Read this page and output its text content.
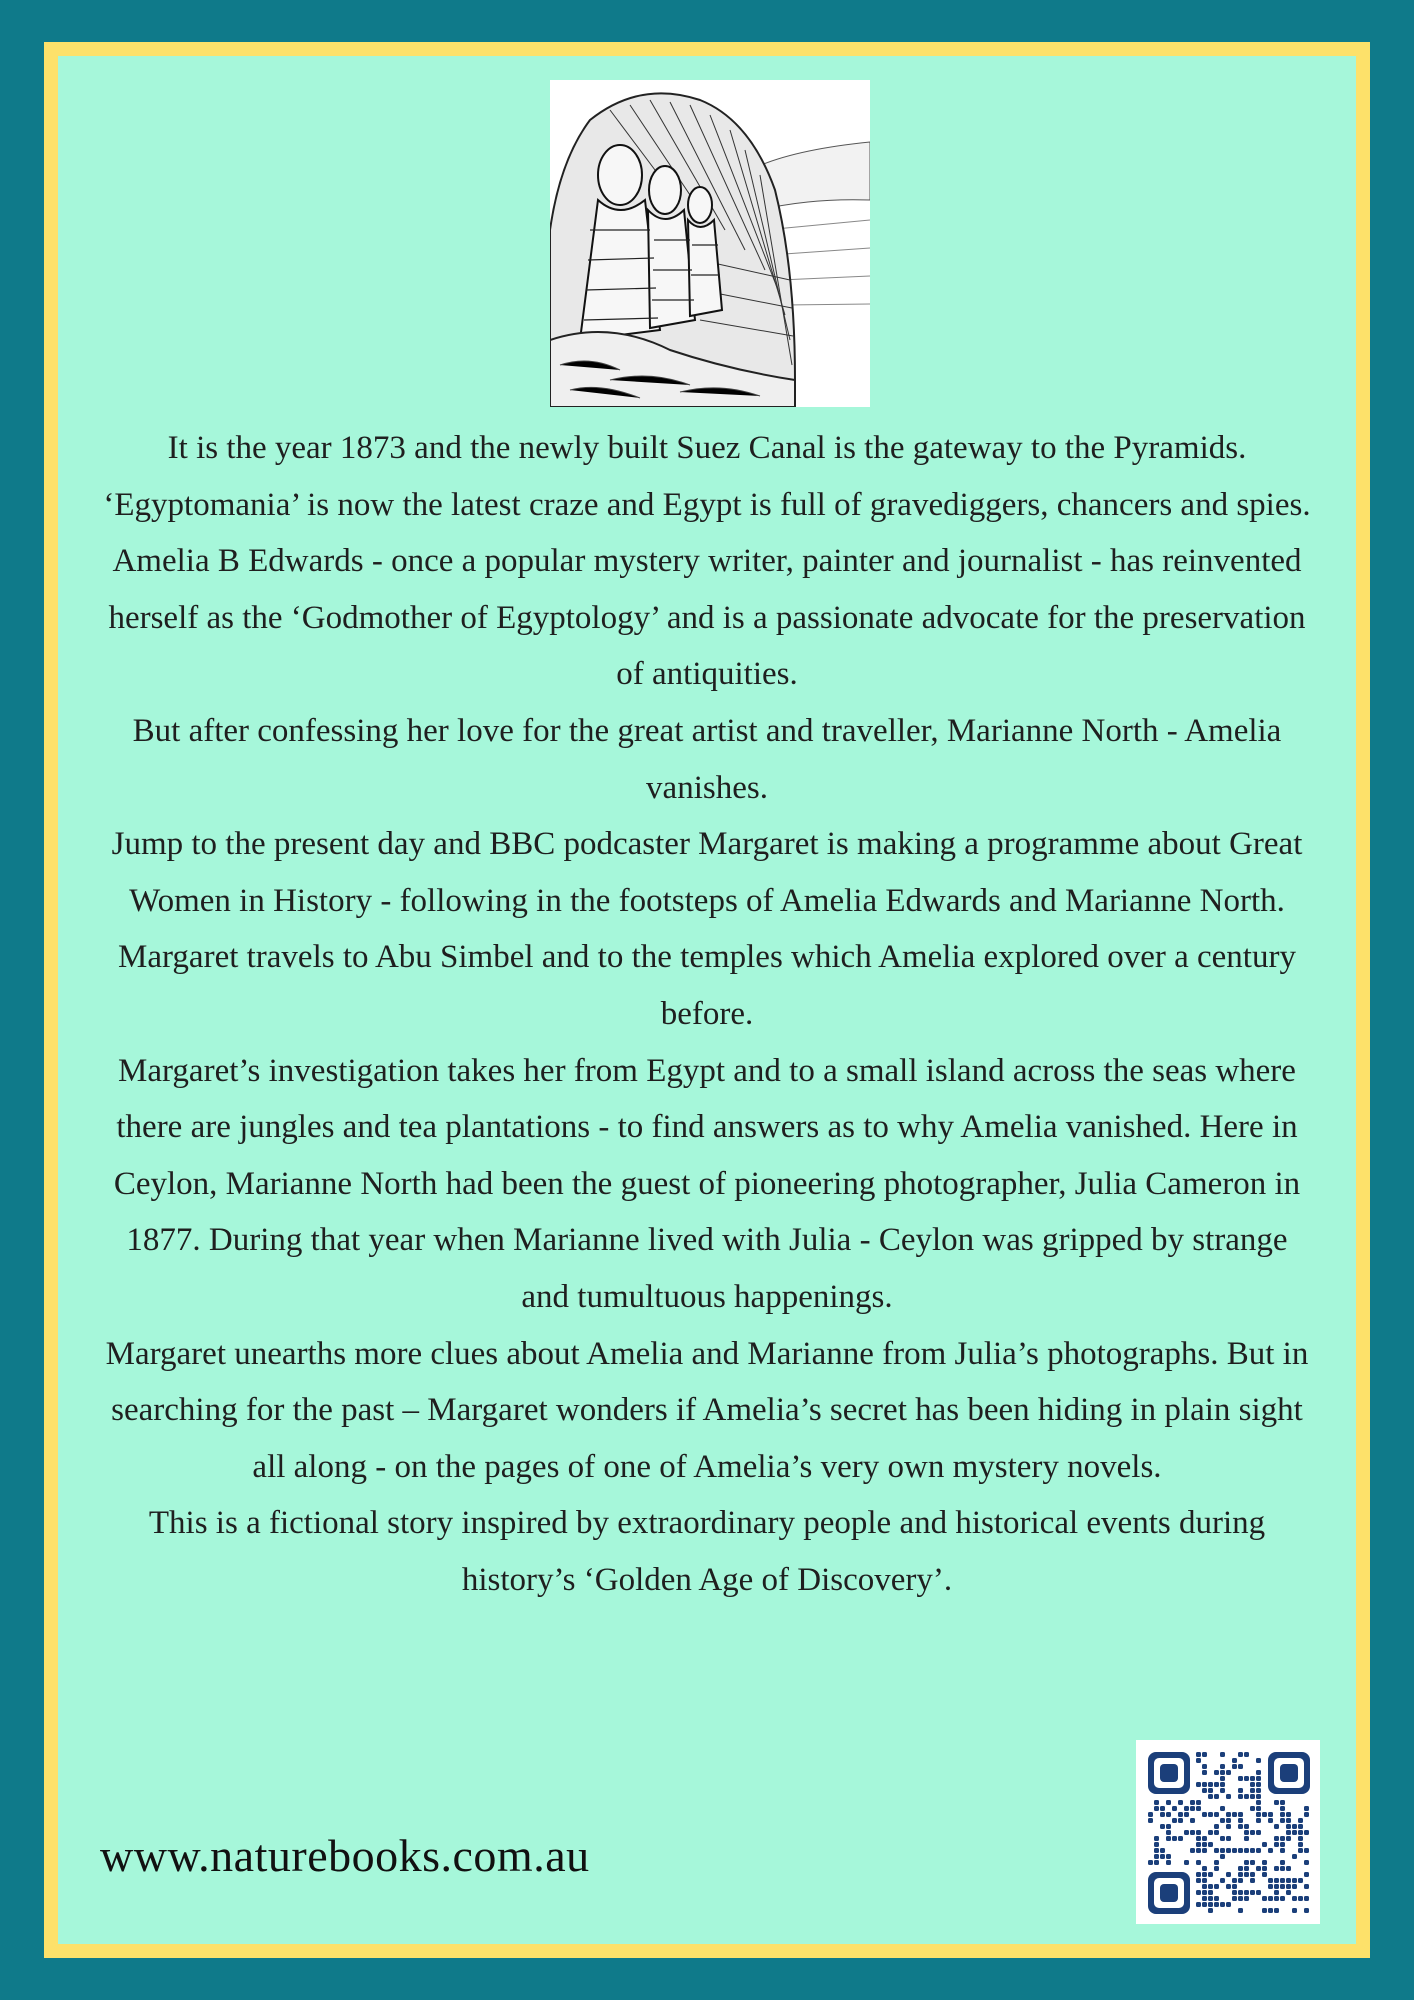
It is the year 1873 and the newly built Suez Canal is the gateway to the Pyramids. ‘Egyptomania’ is now the latest craze and Egypt is full of gravediggers, chancers and spies.

Amelia B Edwards - once a popular mystery writer, painter and journalist - has reinvented herself as the ‘Godmother of Egyptology’ and is a passionate advocate for the preservation of antiquities.

But after confessing her love for the great artist and traveller, Marianne North - Amelia vanishes.

Jump to the present day and BBC podcaster Margaret is making a programme about Great Women in History - following in the footsteps of Amelia Edwards and Marianne North. Margaret travels to Abu Simbel and to the temples which Amelia explored over a century before.

Margaret’s investigation takes her from Egypt and to a small island across the seas where there are jungles and tea plantations - to find answers as to why Amelia vanished. Here in Ceylon, Marianne North had been the guest of pioneering photographer, Julia Cameron in 1877. During that year when Marianne lived with Julia - Ceylon was gripped by strange and tumultuous happenings.

Margaret unearths more clues about Amelia and Marianne from Julia’s photographs. But in searching for the past – Margaret wonders if Amelia’s secret has been hiding in plain sight all along - on the pages of one of Amelia’s very own mystery novels.

This is a fictional story inspired by extraordinary people and historical events during history’s ‘Golden Age of Discovery’.

www.naturebooks.com.au
